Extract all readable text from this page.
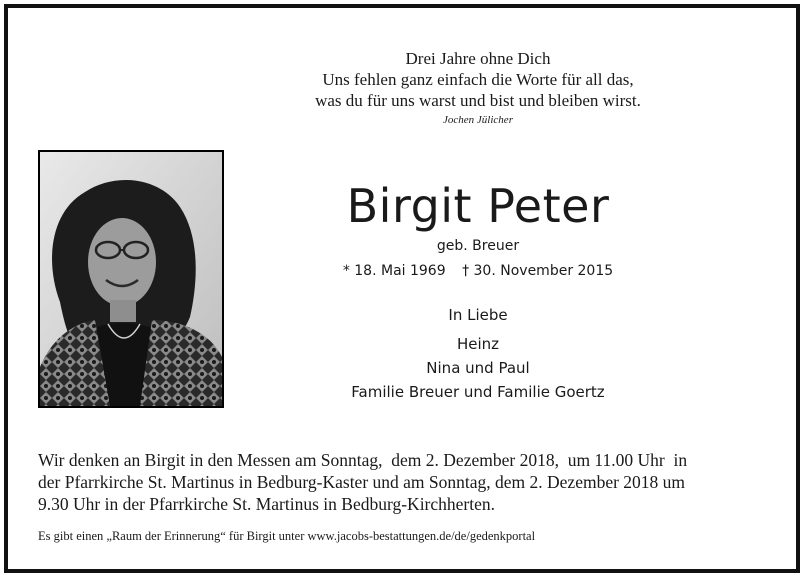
Drei Jahre ohne Dich
Uns fehlen ganz einfach die Worte für all das,
was du für uns warst und bist und bleiben wirst.
Jochen Jülicher
Birgit Peter
geb. Breuer
* 18. Mai 1969 † 30. November 2015
In Liebe
Heinz
Nina und Paul
Familie Breuer und Familie Goertz
Wir denken an Birgit in den Messen am Sonntag,  dem 2. Dezember 2018,  um 11.00 Uhr  in
der Pfarrkirche St. Martinus in Bedburg-Kaster und am Sonntag, dem 2. Dezember 2018 um
9.30 Uhr in der Pfarrkirche St. Martinus in Bedburg-Kirchherten.
Es gibt einen „Raum der Erinnerung“ für Birgit unter www.jacobs-bestattungen.de/de/gedenkportal
